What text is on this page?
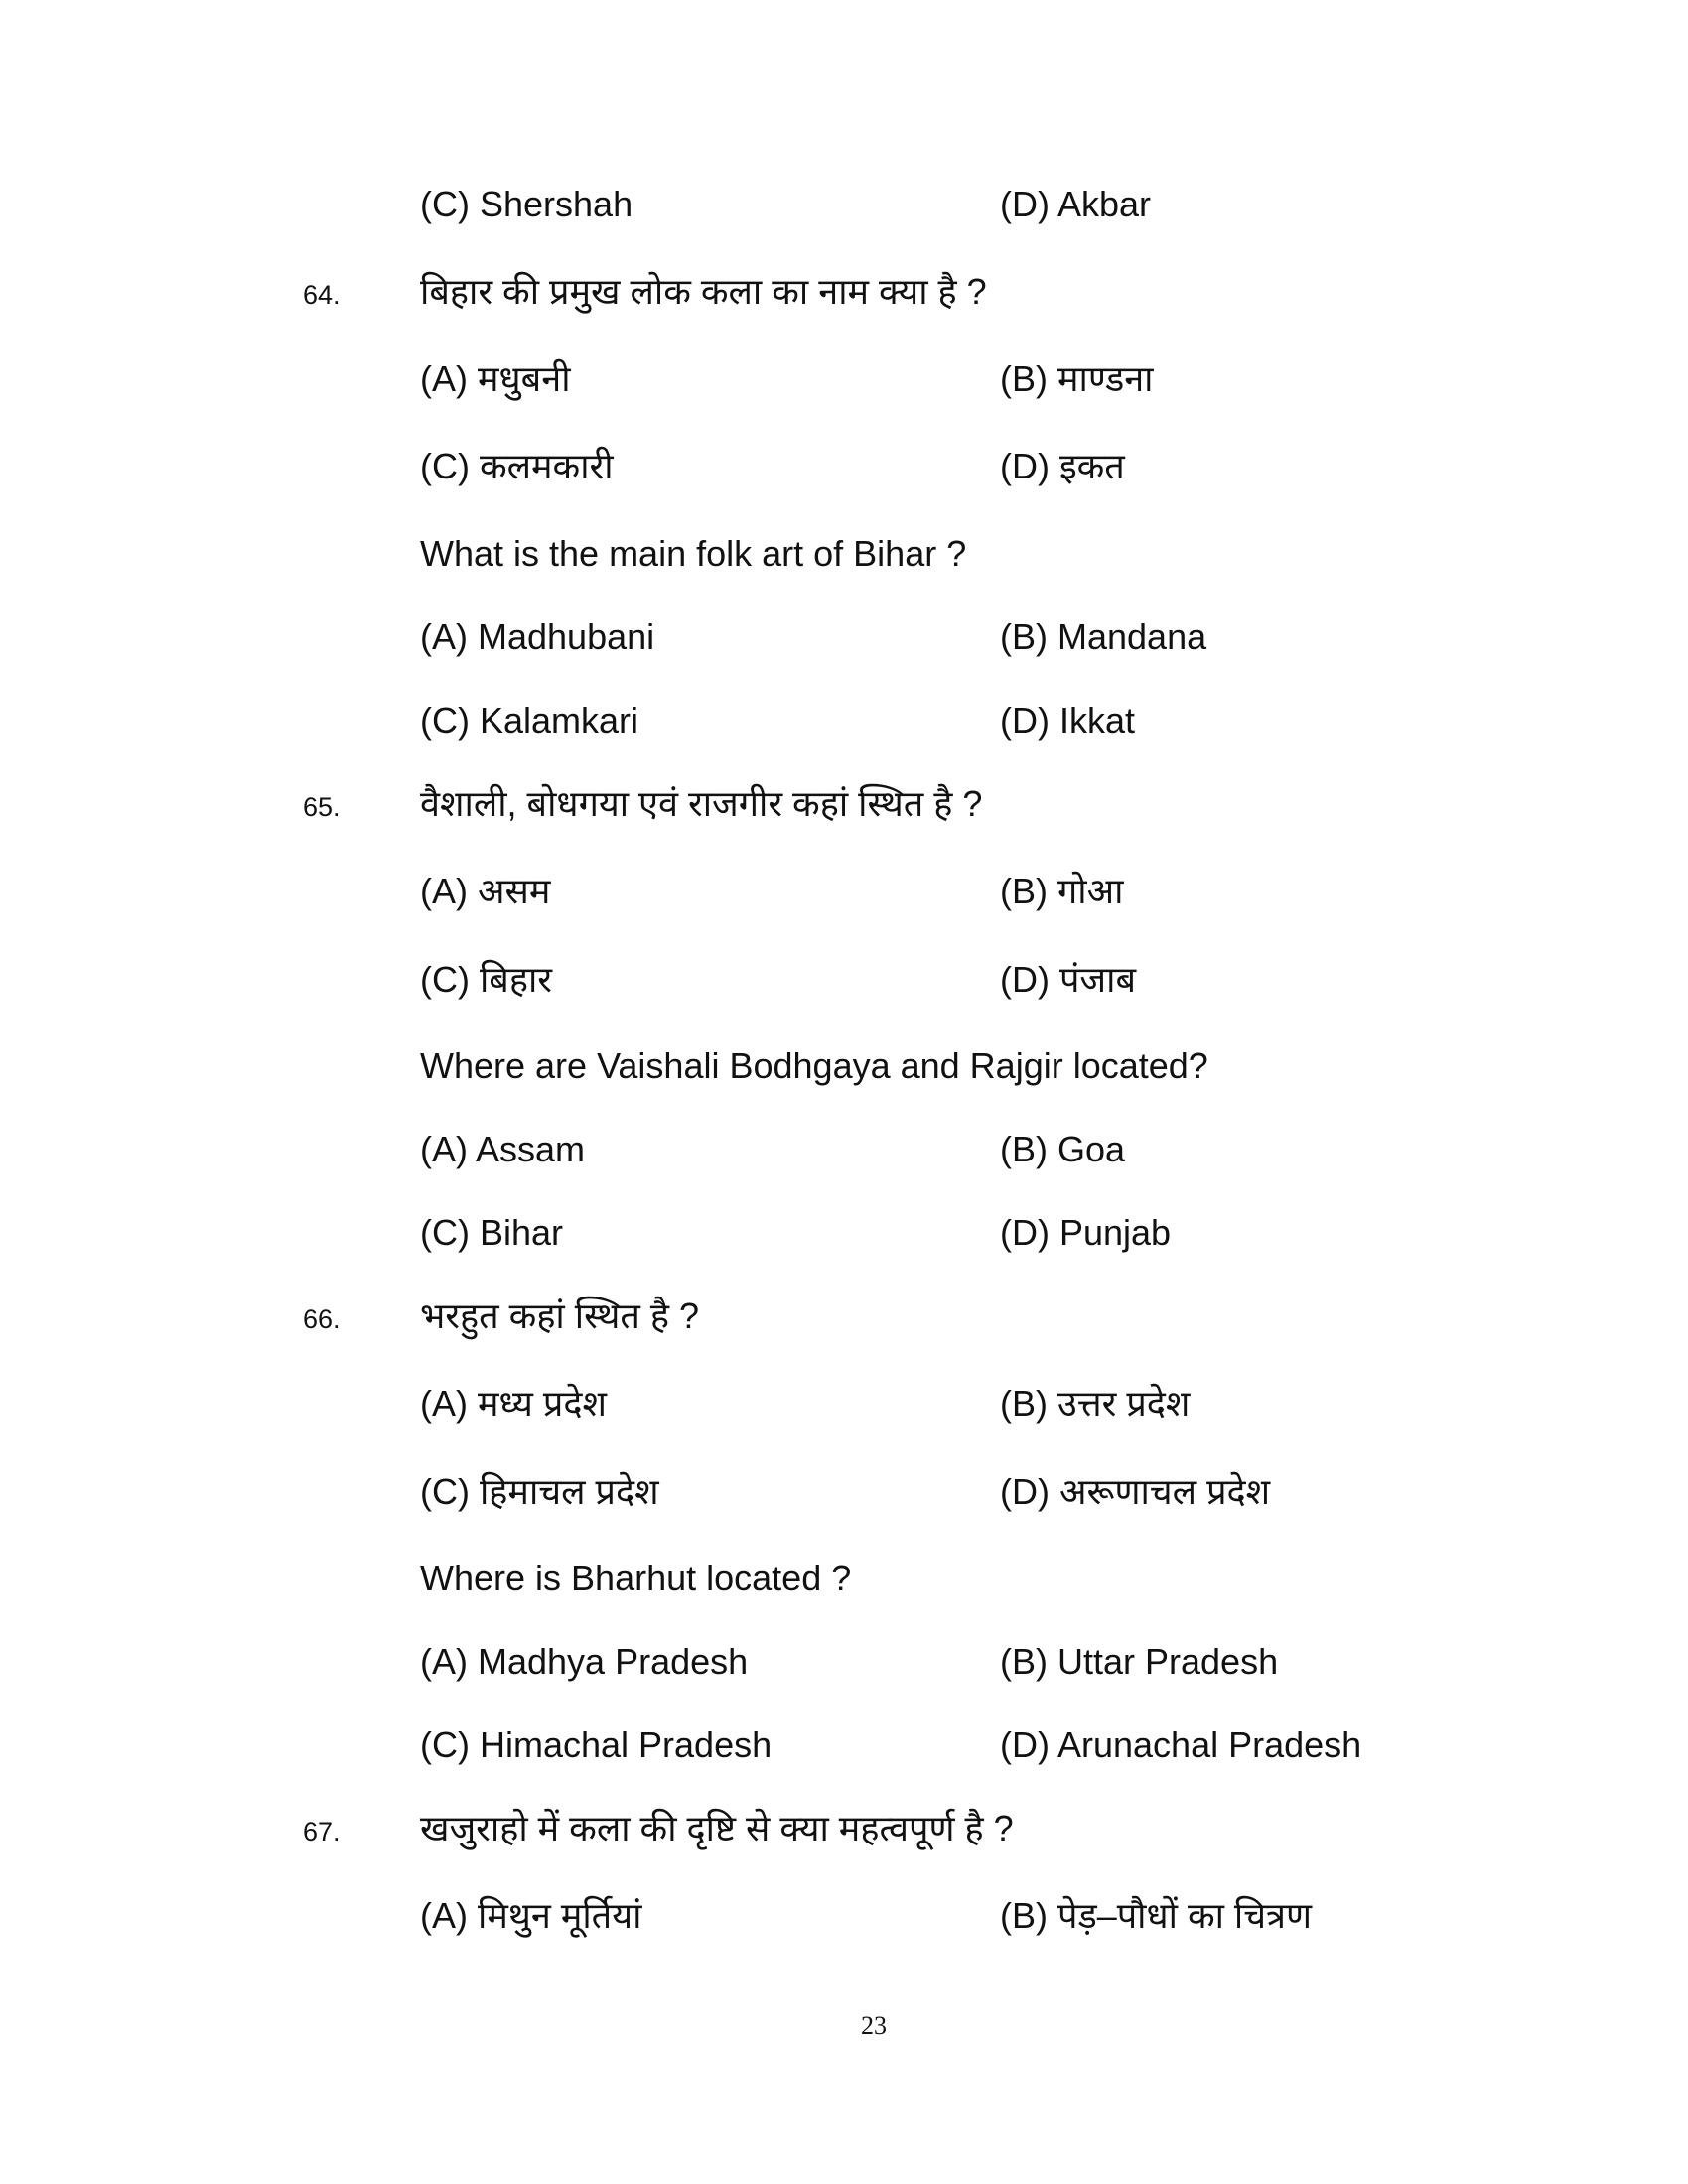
(C) Shershah	(D) Akbar
64. बिहार की प्रमुख लोक कला का नाम क्या है ?
(A) मधुबनी	(B) माण्डना
(C) कलमकारी	(D) इकत
What is the main folk art of Bihar ?
(A) Madhubani	(B) Mandana
(C) Kalamkari	(D) Ikkat
65. वैशाली, बोधगया एवं राजगीर कहां स्थित है ?
(A) असम	(B) गोआ
(C) बिहार	(D) पंजाब
Where are Vaishali Bodhgaya and Rajgir located?
(A) Assam	(B) Goa
(C) Bihar	(D) Punjab
66. भरहुत कहां स्थित है ?
(A) मध्य प्रदेश	(B) उत्तर प्रदेश
(C) हिमाचल प्रदेश	(D) अरूणाचल प्रदेश
Where is Bharhut located ?
(A) Madhya Pradesh	(B) Uttar Pradesh
(C) Himachal Pradesh	(D) Arunachal Pradesh
67. खजुराहो में कला की दृष्टि से क्या महत्वपूर्ण है ?
(A) मिथुन मूर्तियां	(B) पेड़–पौधों का चित्रण
23
